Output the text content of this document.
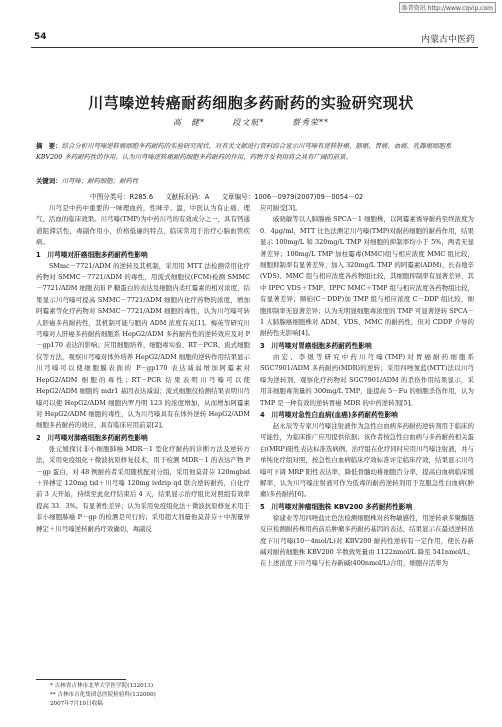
维普资讯 http://www.cqvip.com
54	内蒙古中医药
川芎嗪逆转癌耐药细胞多药耐药的实验研究现状
高　健*	段文航*	蔡秀荣**
摘　要：综合分析川芎嗪逆转癌细胞多药耐药的实验研究现状。对有关文献进行资料综合显示川芎嗪有逆转肝癌、肺癌、胃癌、血癌、乳腺癌细胞系 KBV200 多药耐药性的作用。认为川芎嗪逆转癌耐药细胞多药耐药的作用，药物开发利用将会具有广阔的前景。
关键词：川芎嗪；耐药细胞；耐药性
中图分类号：R285.6 文献标识码：A 文章编号：1006－0979(2007)09－0054－02

川芎是中药中重要的一味理血药，性味辛、温，中医认为有止痛、理气、活血的临床效果。川芎嗪(TMP)为中药川芎的有效成分之一，具有钙通道阻滞活性，毒副作用小，价格低廉的特点，临床常用于治疗心脑血管疾病。

1　川芎嗪对肝癌细胞多药耐药性影响

SMmc－7721/ADM 的逆转及其机制，采用用 MTT 法检测常用化疗药物对 SMMC－7721/ADM 的毒性，用流式细胞仪(FCM)检测 SMMC－7721/ADM 细胞表面 P 糖蛋白的表达及细胞内柔红霉素的相对浓度，结果显示川芎嗪可提高 SMMC－7721/ADM 细胞内化疗药物的浓度，增加阿霉素等化疗药物对 SMMC－7721/ADM 细胞的毒性，认为川芎嗪可转人肝癌多药耐药性，其机制可能与胞内 ADM 浓度有关[1]。梅英等研究川芎嗪对人肝癌多药耐药细胞系 HepG2/ADM 多药耐药性的逆转效应及对 P－gp170 表达的影响；应用细胞培养、细胞毒实验、RT－PCR、流式细胞仪等方法，观察川芎嗪对体外培养 HepG2/ADM 细胞的逆转作用结果显示川芎嗪可以使细胞膜表面的 P－gp170 表达减弱增加阿霉素对 HepG2/ADM 细胞的毒性；RT－PCR 结果表明川芎嗪可以使 HepG2/ADM 细胞的 mdr1 基因表达减弱；流式细胞仪检测结果表明川芎嗪可以使 HepG2/ADM 细胞内罗丹明 123 的浓度增加，从而增加阿霉素对 HepG2/ADM 细胞的毒性，认为川芎嗪具有在体外逆转 HepG2/ADM 细胞多药耐药的效应，具有临床应用前景[2]。

2　川芎嗪对肺癌细胞多药耐药性影响

张元媛探讨非小细胞肺癌 MDR－1 型化疗耐药的诊断方法及逆转方法，采用免疫组化＋微波抗原修复技术，用于检测 MDR－1 的表达产物 P－gp 蛋白，对 48 例耐药者采用随机配对分组，采用他莫昔芬 120mgbid＋异搏定 120mg tid＋川芎嗪 120mg ivdrip qd 联合逆转耐药，自化疗前 3 天开始，持续至此化疗结束后 4 天，结果显示治疗组比对照组有效率提高 33．3%。有显著性差异；认为采用免疫组化法＋微波抗原修复术用于非小细胞肺癌 P－gp 的检测是可行的；采用超大剂量他莫昔芬＋中剂量异搏定＋川芎嗪逆转耐药疗效确切，毒副反

应可耐受[3]。

戚晓敏等以人肺腺癌 SPCA－1 细胞株，以阿霉素诱导耐药至终浓度为 0．4μg/ml，MTT 比色法测定川芎嗪(TMP)对耐药细胞的耐药作用，结果显示 100mg/L 和 320mg/L TMP 对细胞的抑制率均小于 5%，两者无显著差异；100mg/L TMP 加柱霉毒(MMC)组与相应浓度 MMC 组比较，细胞抑制率有显著差异；加入 320mg/L TMP 的阿霉素(ADM)、长春地辛(VDS)、MMC 组与相应浓度各药物组比较，其细胞抑制率有显著差异，其中 IPPC VDS＋TMP、IPPC MMC＋TMP 组与相应浓度各药物组比较，有显著差异；顺铂(C－DDP)加 TMP 组与相应浓度 C－DDP 组比较，细胞抑制率无显著差异；认为无明显细胞毒浓度的 TMP 可显著逆转 SPCA－1 人肺腺癌细胞株对 ADM、VDS、MMC 的耐药性，但对 CDDP 介导的耐药性无影响[4]。

3　川芎嗪对胃癌细胞多药耐药性影响

由宏、李煜等研究中药川芎嗪(TMP)对胃癌耐药细胞系 SGC7901/ADM 多药耐药(MDR)的逆转；采用四唑氮蓝(MTT)法以川芎嗪为逆转剂，观察化疗药物对 SGC7901/ADM 的杀伤作用结果显示，采用非细胞毒剂量的 300mg/L TMP，能提高 5－Fu 的细胞杀伤作用，认为 TMP 是一种有效的逆转胃癌 MDR 的中药逆转剂[5]。

4　川芎嗪对急性白血病(血癌)多药耐药性影响

赵永辰等专家川芎嗪注射液作为急性白血病多药耐药逆转剂用于临床的可能性，为临床推广应用提供依据；该作者按急性白血病与多药耐药相关蛋白(MRP)阳性表达标准选病例，治疗组在化疗同时应用川芎嗪注射液，并与单纯化疗组对照，按急性白血病临床疗效标准评定临床疗效，结果显示川芎嗪可下调 MRP 阳性表达率，降低骨髓幼稚细胞百分率，提高白血病临床缓解率，认为川芎嗪注射液可作为低毒的耐药逆转剂用于克服急性白血病(肿瘤)多药耐药[6]。

5　川芎嗪对肿瘤细胞株 KBV200 多药耐药性影响

徐建业等用四唑盐比色法检测细胞株对药物敏感性，用逆转录多聚酶链反应检测耐药株用药前后肿瘤多药耐药基因的表达，结果显示在最适逆转浓度下川芎嗪(10－4mol/L)对 KBV200 耐药性逆转有一定作用，使长春新碱对耐药细胞株 KBV200 半数致死量由 1122nmol/L 降至 541nmol/L；在上述浓度下川芎嗪与长春新碱(400nmol/L)合用，细胞存活率为

* 吉林省吉林市北华大学医学院(132013)
** 吉林市吉化集团总医院检验科(132000)
2007年7月10日收稿
